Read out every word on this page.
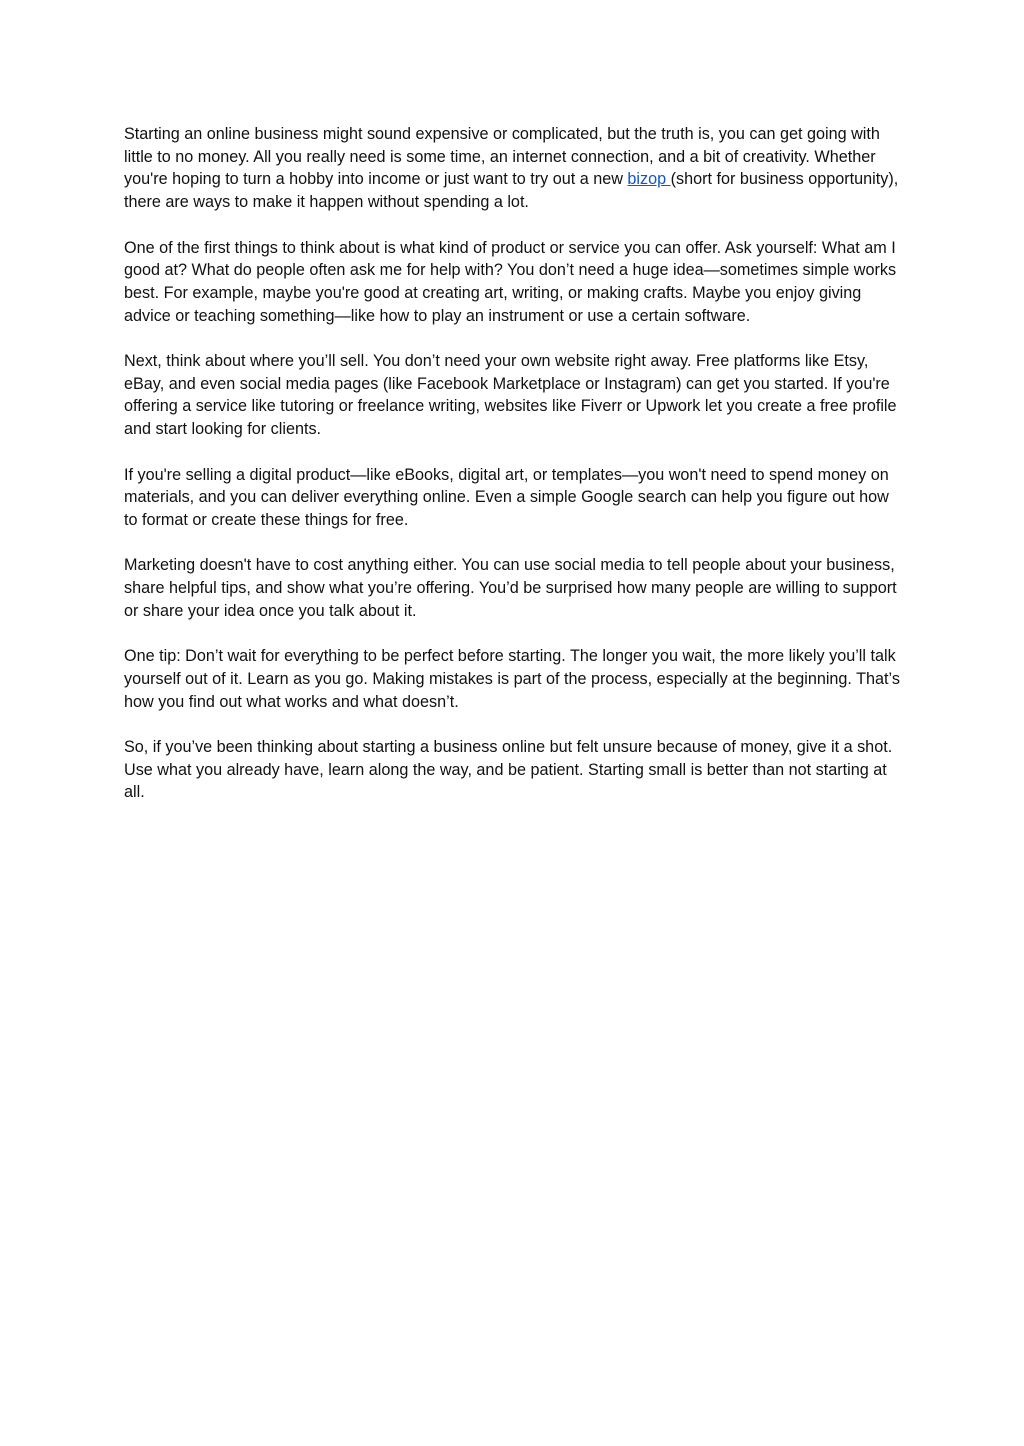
Starting an online business might sound expensive or complicated, but the truth is, you can get going with little to no money. All you really need is some time, an internet connection, and a bit of creativity. Whether you're hoping to turn a hobby into income or just want to try out a new bizop (short for business opportunity), there are ways to make it happen without spending a lot.

One of the first things to think about is what kind of product or service you can offer. Ask yourself: What am I good at? What do people often ask me for help with? You don’t need a huge idea—sometimes simple works best. For example, maybe you're good at creating art, writing, or making crafts. Maybe you enjoy giving advice or teaching something—like how to play an instrument or use a certain software.

Next, think about where you’ll sell. You don’t need your own website right away. Free platforms like Etsy, eBay, and even social media pages (like Facebook Marketplace or Instagram) can get you started. If you're offering a service like tutoring or freelance writing, websites like Fiverr or Upwork let you create a free profile and start looking for clients.

If you're selling a digital product—like eBooks, digital art, or templates—you won't need to spend money on materials, and you can deliver everything online. Even a simple Google search can help you figure out how to format or create these things for free.

Marketing doesn't have to cost anything either. You can use social media to tell people about your business, share helpful tips, and show what you’re offering. You’d be surprised how many people are willing to support or share your idea once you talk about it.

One tip: Don’t wait for everything to be perfect before starting. The longer you wait, the more likely you’ll talk yourself out of it. Learn as you go. Making mistakes is part of the process, especially at the beginning. That’s how you find out what works and what doesn’t.

So, if you’ve been thinking about starting a business online but felt unsure because of money, give it a shot. Use what you already have, learn along the way, and be patient. Starting small is better than not starting at all.
